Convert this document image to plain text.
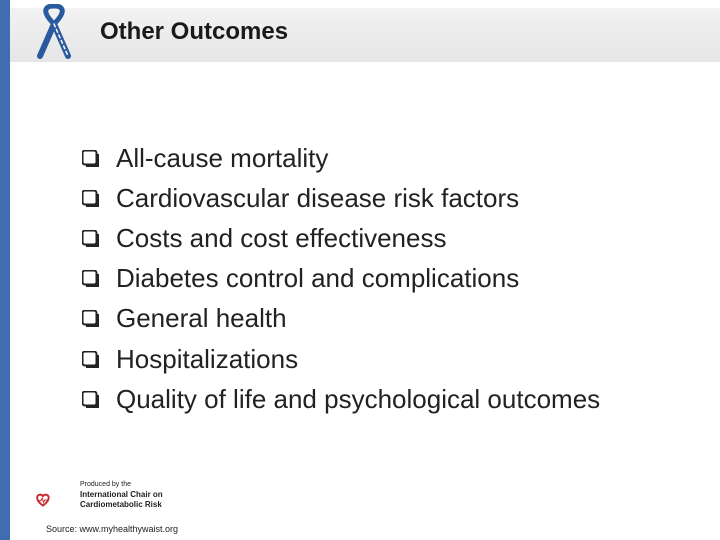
Other Outcomes
All-cause mortality
Cardiovascular disease risk factors
Costs and cost effectiveness
Diabetes control and complications
General health
Hospitalizations
Quality of life and psychological outcomes
Produced by the
International Chair on
Cardiometabolic Risk
Source: www.myhealthywaist.org
